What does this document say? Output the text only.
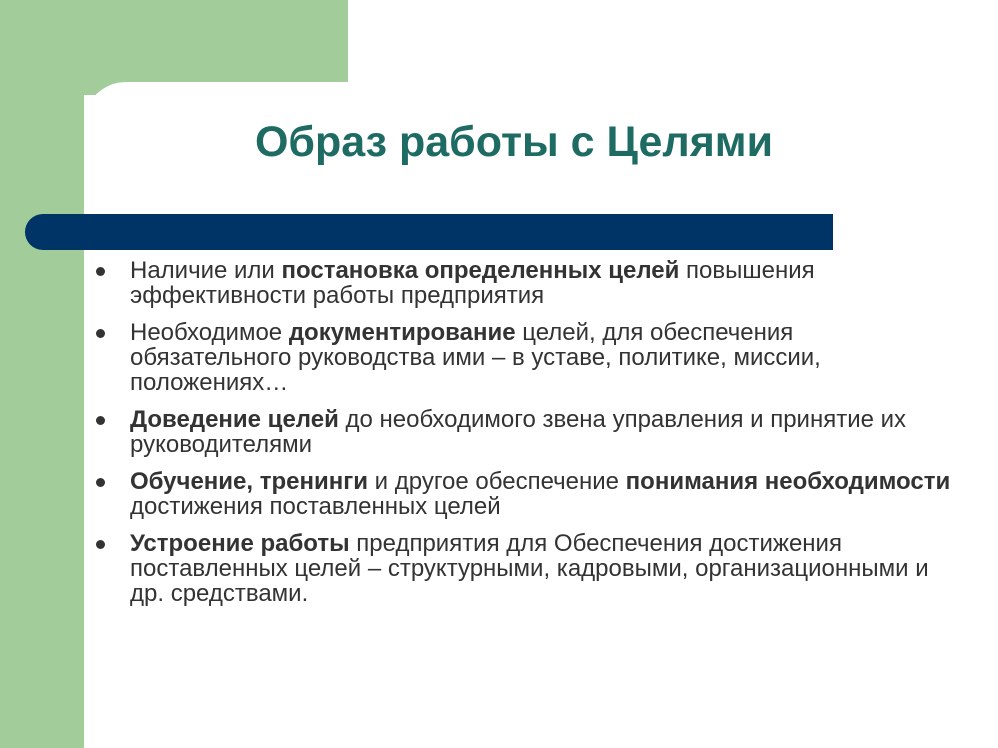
Образ работы с Целями
Наличие или постановка определенных целей повышения эффективности работы предприятия
Необходимое документирование целей, для обеспечения обязательного руководства ими – в уставе, политике, миссии, положениях…
Доведение целей до необходимого звена управления и принятие их руководителями
Обучение, тренинги и другое обеспечение понимания необходимости достижения поставленных целей
Устроение работы предприятия для Обеспечения достижения поставленных целей – структурными, кадровыми, организационными и др. средствами.
